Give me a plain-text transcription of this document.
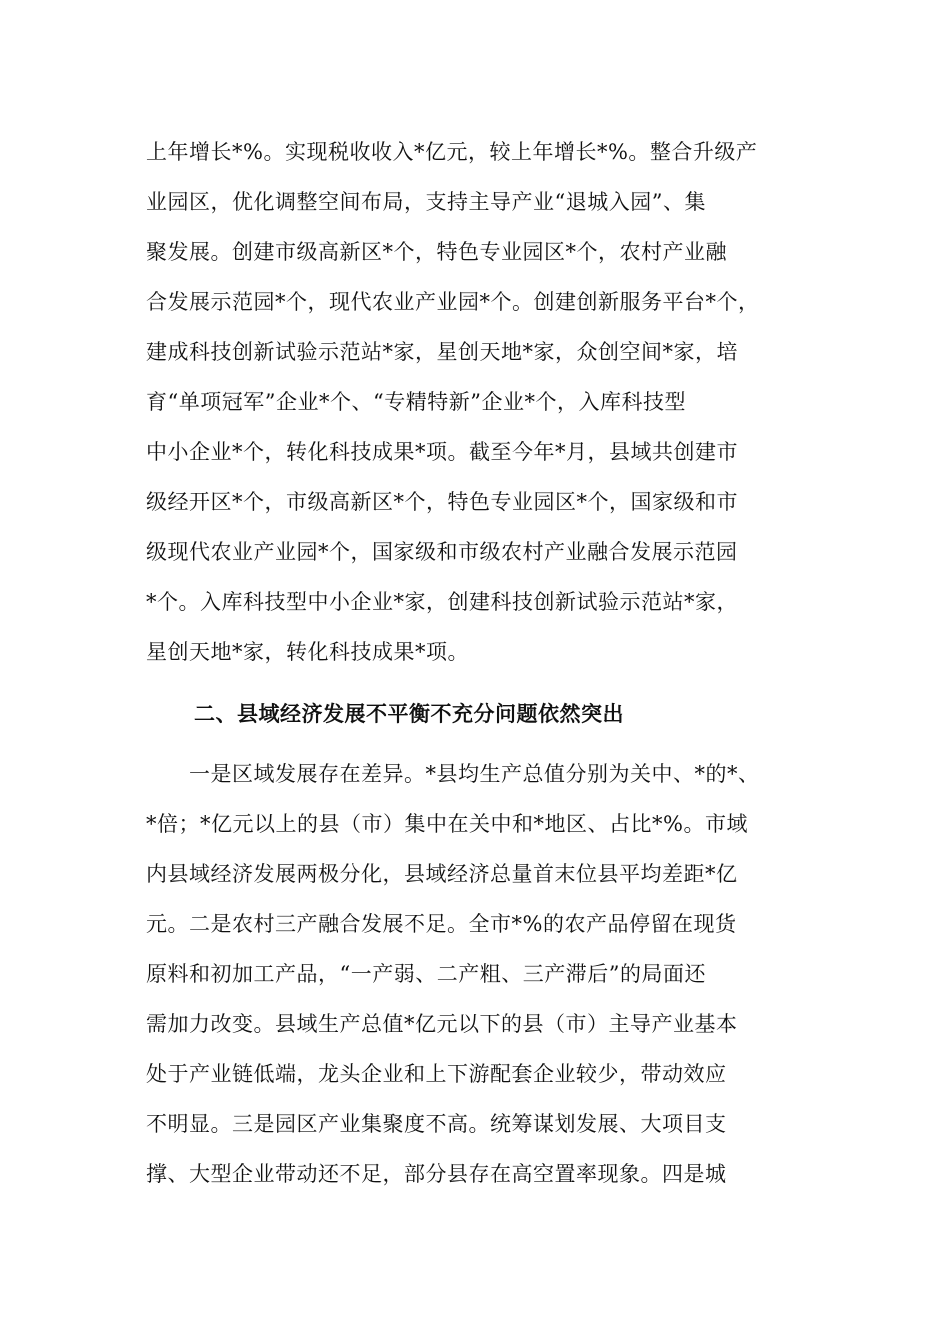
上年增长*%。实现税收收入*亿元，较上年增长*%。整合升级产
业园区，优化调整空间布局，支持主导产业“退城入园”、集
聚发展。创建市级高新区*个，特色专业园区*个，农村产业融
合发展示范园*个，现代农业产业园*个。创建创新服务平台*个，
建成科技创新试验示范站*家，星创天地*家，众创空间*家，培
育“单项冠军”企业*个、“专精特新”企业*个，入库科技型
中小企业*个，转化科技成果*项。截至今年*月，县域共创建市
级经开区*个，市级高新区*个，特色专业园区*个，国家级和市
级现代农业产业园*个，国家级和市级农村产业融合发展示范园
*个。入库科技型中小企业*家，创建科技创新试验示范站*家，
星创天地*家，转化科技成果*项。
二、县域经济发展不平衡不充分问题依然突出
　　一是区域发展存在差异。*县均生产总值分别为关中、*的*、
*倍；*亿元以上的县（市）集中在关中和*地区、占比*%。市域
内县域经济发展两极分化，县域经济总量首末位县平均差距*亿
元。二是农村三产融合发展不足。全市*%的农产品停留在现货
原料和初加工产品，“一产弱、二产粗、三产滞后”的局面还
需加力改变。县域生产总值*亿元以下的县（市）主导产业基本
处于产业链低端，龙头企业和上下游配套企业较少，带动效应
不明显。三是园区产业集聚度不高。统筹谋划发展、大项目支
撑、大型企业带动还不足，部分县存在高空置率现象。四是城
